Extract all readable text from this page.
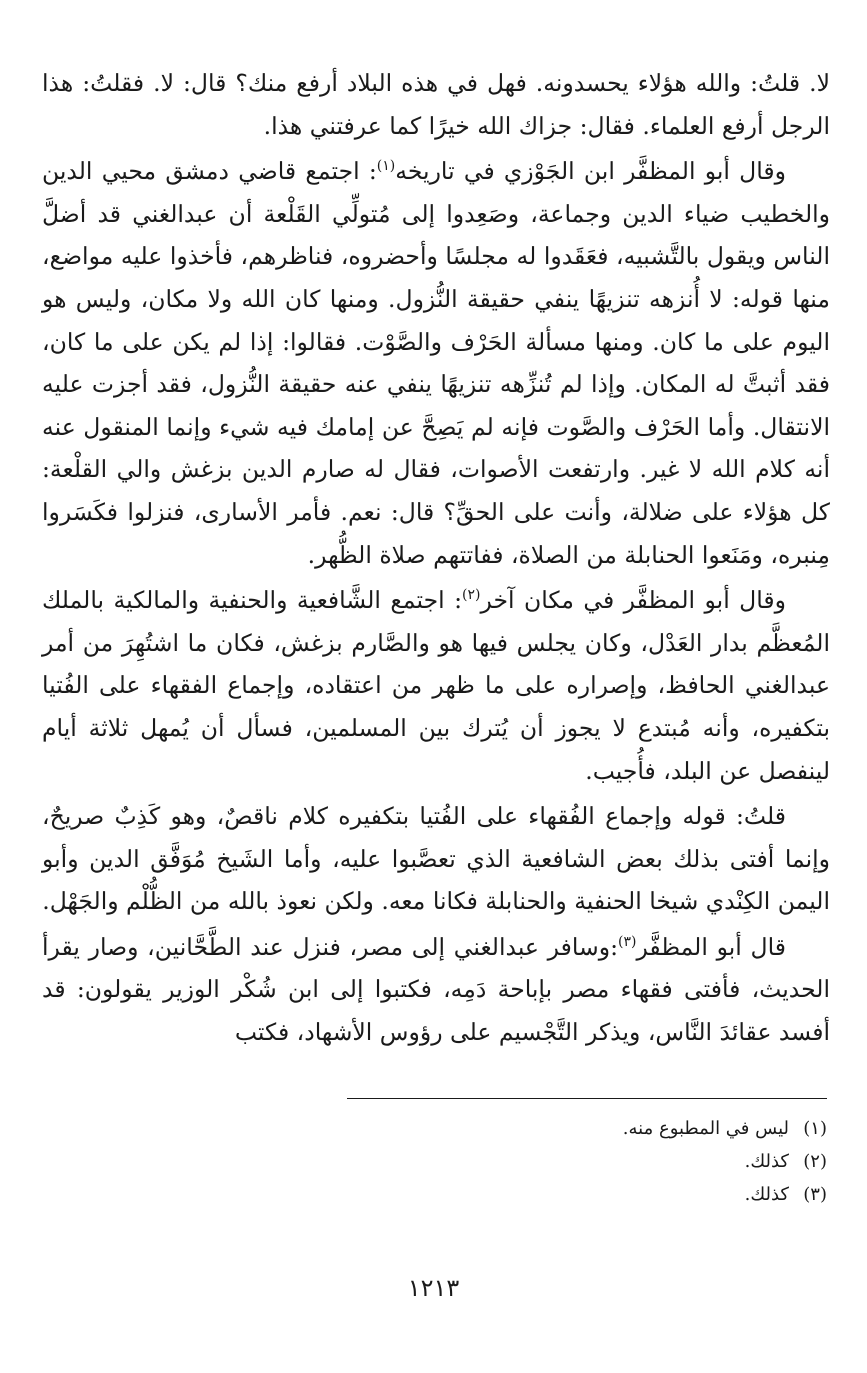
لا. قلتُ: والله هؤلاء يحسدونه. فهل في هذه البلاد أرفع منك؟ قال: لا. فقلتُ: هذا الرجل أرفع العلماء. فقال: جزاك الله خيرًا كما عرفتني هذا.

وقال أبو المظفَّر ابن الجَوْزي في تاريخه$^{(١)}$: اجتمع قاضي دمشق محيي الدين والخطيب ضياء الدين وجماعة، وصَعِدوا إلى مُتولِّي القَلْعة أن عبدالغني قد أضلَّ الناس ويقول بالتَّشبيه، فعَقَدوا له مجلسًا وأحضروه، فناظرهم، فأخذوا عليه مواضع، منها قوله: لا أُنزهه تنزيهًا ينفي حقيقة النُّزول. ومنها كان الله ولا مكان، وليس هو اليوم على ما كان. ومنها مسألة الحَرْف والصَّوْت. فقالوا: إذا لم يكن على ما كان، فقد أثبتَّ له المكان. وإذا لم تُنزِّهه تنزيهًا ينفي عنه حقيقة النُّزول، فقد أجزت عليه الانتقال. وأما الحَرْف والصَّوت فإنه لم يَصِحَّ عن إمامك فيه شيء وإنما المنقول عنه أنه كلام الله لا غير. وارتفعت الأصوات، فقال له صارم الدين بزغش والي القلْعة: كل هؤلاء على ضلالة، وأنت على الحقِّ؟ قال: نعم. فأمر الأسارى، فنزلوا فكَسَروا مِنبره، ومَنَعوا الحنابلة من الصلاة، ففاتتهم صلاة الظُّهر.

وقال أبو المظفَّر في مكان آخر$^{(٢)}$: اجتمع الشَّافعية والحنفية والمالكية بالملك المُعظَّم بدار العَدْل، وكان يجلس فيها هو والصَّارم بزغش، فكان ما اشتُهِرَ من أمر عبدالغني الحافظ، وإصراره على ما ظهر من اعتقاده، وإجماع الفقهاء على الفُتيا بتكفيره، وأنه مُبتدع لا يجوز أن يُترك بين المسلمين، فسأل أن يُمهل ثلاثة أيام لينفصل عن البلد، فأُجيب.

قلتُ: قوله وإجماع الفُقهاء على الفُتيا بتكفيره كلام ناقصٌ، وهو كَذِبٌ صريحٌ، وإنما أفتى بذلك بعض الشافعية الذي تعصَّبوا عليه، وأما الشَيخ مُوَفَّق الدين وأبو اليمن الكِنْدي شيخا الحنفية والحنابلة فكانا معه. ولكن نعوذ بالله من الظُّلْم والجَهْل.

قال أبو المظفَّر$^{(٣)}$:وسافر عبدالغني إلى مصر، فنزل عند الطَّحَّانين، وصار يقرأ الحديث، فأفتى فقهاء مصر بإباحة دَمِه، فكتبوا إلى ابن شُكْر الوزير يقولون: قد أفسد عقائدَ النَّاس، ويذكر التَّجْسيم على رؤوس الأشهاد، فكتب

(١)ليس في المطبوع منه.

(٢)كذلك.

(٣)كذلك.

١٢١٣
